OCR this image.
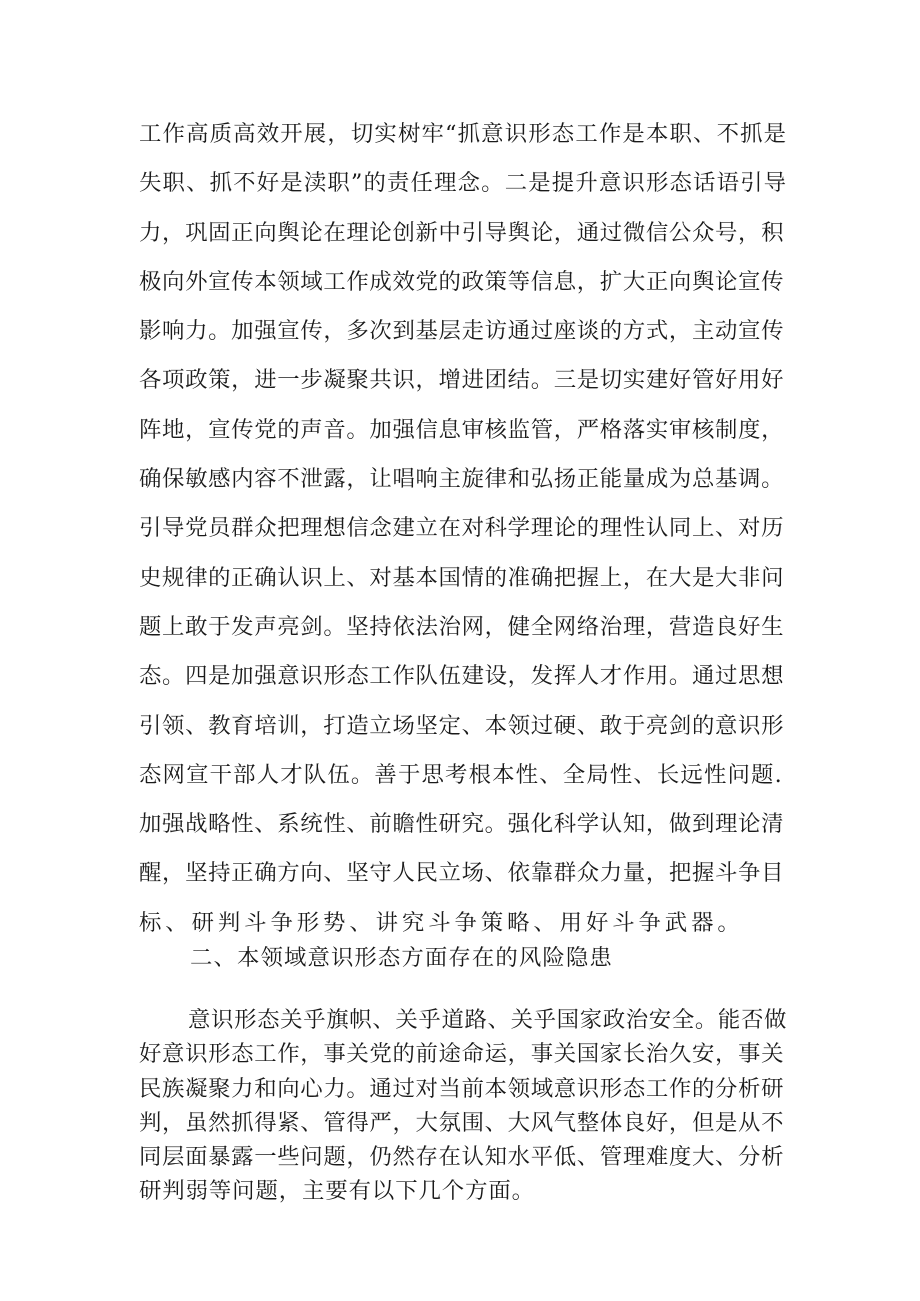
工作高质高效开展，切实树牢“抓意识形态工作是本职、不抓是
失职、抓不好是渎职”的责任理念。二是提升意识形态话语引导
力，巩固正向舆论在理论创新中引导舆论，通过微信公众号，积
极向外宣传本领域工作成效党的政策等信息，扩大正向舆论宣传
影响力。加强宣传，多次到基层走访通过座谈的方式，主动宣传
各项政策，进一步凝聚共识，增进团结。三是切实建好管好用好
阵地，宣传党的声音。加强信息审核监管，严格落实审核制度，
确保敏感内容不泄露，让唱响主旋律和弘扬正能量成为总基调。
引导党员群众把理想信念建立在对科学理论的理性认同上、对历
史规律的正确认识上、对基本国情的准确把握上，在大是大非问
题上敢于发声亮剑。坚持依法治网，健全网络治理，营造良好生
态。四是加强意识形态工作队伍建设，发挥人才作用。通过思想
引领、教育培训，打造立场坚定、本领过硬、敢于亮剑的意识形
态网宣干部人才队伍。善于思考根本性、全局性、长远性问题.
加强战略性、系统性、前瞻性研究。强化科学认知，做到理论清
醒，坚持正确方向、坚守人民立场、依靠群众力量，把握斗争目
标、研判斗争形势、讲究斗争策略、用好斗争武器。
二、本领域意识形态方面存在的风险隐患
意识形态关乎旗帜、关乎道路、关乎国家政治安全。能否做
好意识形态工作，事关党的前途命运，事关国家长治久安，事关
民族凝聚力和向心力。通过对当前本领域意识形态工作的分析研
判，虽然抓得紧、管得严，大氛围、大风气整体良好，但是从不
同层面暴露一些问题，仍然存在认知水平低、管理难度大、分析
研判弱等问题，主要有以下几个方面。
